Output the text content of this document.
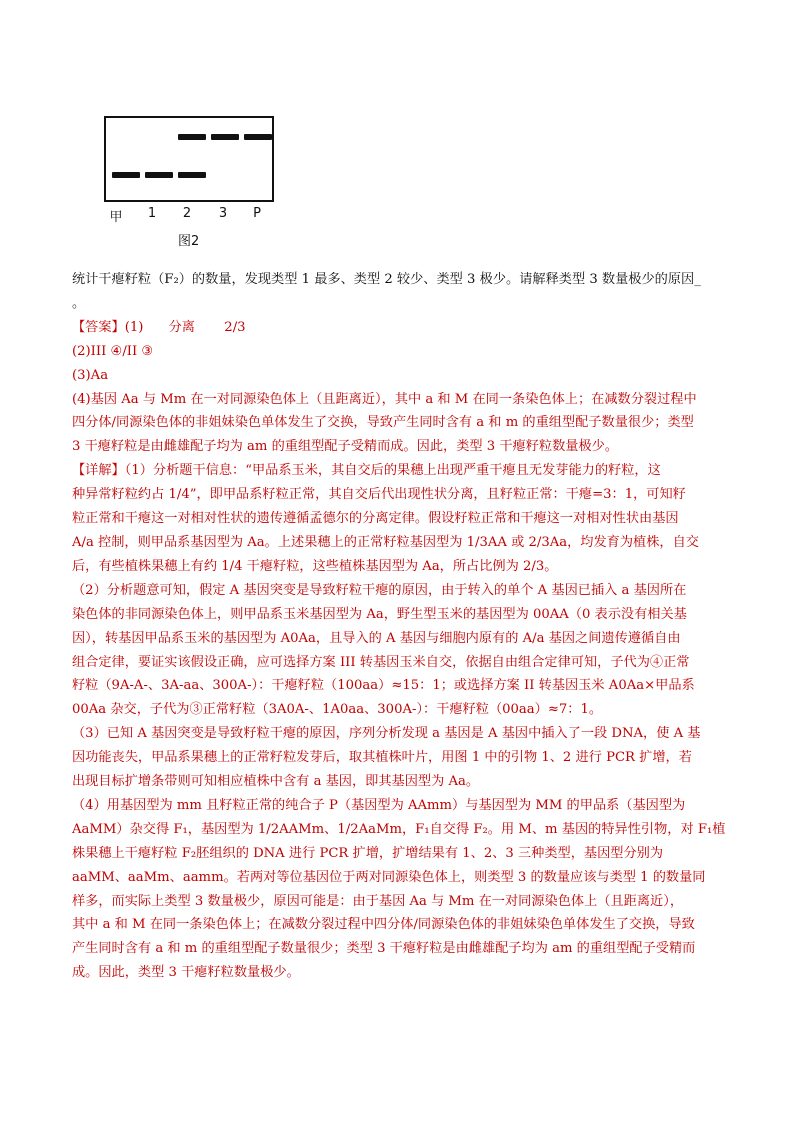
甲	1	2	3	P
图2

统计干瘪籽粒（F₂）的数量，发现类型 1 最多、类型 2 较少、类型 3 极少。请解释类型 3 数量极少的原因_

。

【答案】(1)      分离       2/3

(2)III ④/II ③

(3)Aa

(4)基因 Aa 与 Mm 在一对同源染色体上（且距离近），其中 a 和 M 在同一条染色体上；在减数分裂过程中

四分体/同源染色体的非姐妹染色单体发生了交换，导致产生同时含有 a 和 m 的重组型配子数量很少；类型

3 干瘪籽粒是由雌雄配子均为 am 的重组型配子受精而成。因此，类型 3 干瘪籽粒数量极少。

【详解】（1）分析题干信息：“甲品系玉米，其自交后的果穗上出现严重干瘪且无发芽能力的籽粒，这

种异常籽粒约占 1/4”，即甲品系籽粒正常，其自交后代出现性状分离，且籽粒正常：干瘪=3：1，可知籽

粒正常和干瘪这一对相对性状的遗传遵循孟德尔的分离定律。假设籽粒正常和干瘪这一对相对性状由基因

A/a 控制，则甲品系基因型为 Aa。上述果穗上的正常籽粒基因型为 1/3AA 或 2/3Aa，均发育为植株，自交

后，有些植株果穗上有约 1/4 干瘪籽粒，这些植株基因型为 Aa，所占比例为 2/3。

（2）分析题意可知，假定 A 基因突变是导致籽粒干瘪的原因，由于转入的单个 A 基因已插入 a 基因所在

染色体的非同源染色体上，则甲品系玉米基因型为 Aa，野生型玉米的基因型为 00AA（0 表示没有相关基

因），转基因甲品系玉米的基因型为 A0Aa，且导入的 A 基因与细胞内原有的 A/a 基因之间遗传遵循自由

组合定律，要证实该假设正确，应可选择方案 III 转基因玉米自交，依据自由组合定律可知，子代为④正常

籽粒（9A-A-、3A-aa、300A-）：干瘪籽粒（100aa）≈15：1；或选择方案 II 转基因玉米 A0Aa×甲品系

00Aa 杂交，子代为③正常籽粒（3A0A-、1A0aa、300A-）：干瘪籽粒（00aa）≈7：1。

（3）已知 A 基因突变是导致籽粒干瘪的原因，序列分析发现 a 基因是 A 基因中插入了一段 DNA，使 A 基

因功能丧失，甲品系果穗上的正常籽粒发芽后，取其植株叶片，用图 1 中的引物 1、2 进行 PCR 扩增，若

出现目标扩增条带则可知相应植株中含有 a 基因，即其基因型为 Aa。

（4）用基因型为 mm 且籽粒正常的纯合子 P（基因型为 AAmm）与基因型为 MM 的甲品系（基因型为

AaMM）杂交得 F₁，基因型为 1/2AAMm、1/2AaMm，F₁自交得 F₂。用 M、m 基因的特异性引物，对 F₁植

株果穗上干瘪籽粒 F₂胚组织的 DNA 进行 PCR 扩增，扩增结果有 1、2、3 三种类型，基因型分别为

aaMM、aaMm、aamm。若两对等位基因位于两对同源染色体上，则类型 3 的数量应该与类型 1 的数量同

样多，而实际上类型 3 数量极少，原因可能是：由于基因 Aa 与 Mm 在一对同源染色体上（且距离近），

其中 a 和 M 在同一条染色体上；在减数分裂过程中四分体/同源染色体的非姐妹染色单体发生了交换，导致

产生同时含有 a 和 m 的重组型配子数量很少；类型 3 干瘪籽粒是由雌雄配子均为 am 的重组型配子受精而

成。因此，类型 3 干瘪籽粒数量极少。
